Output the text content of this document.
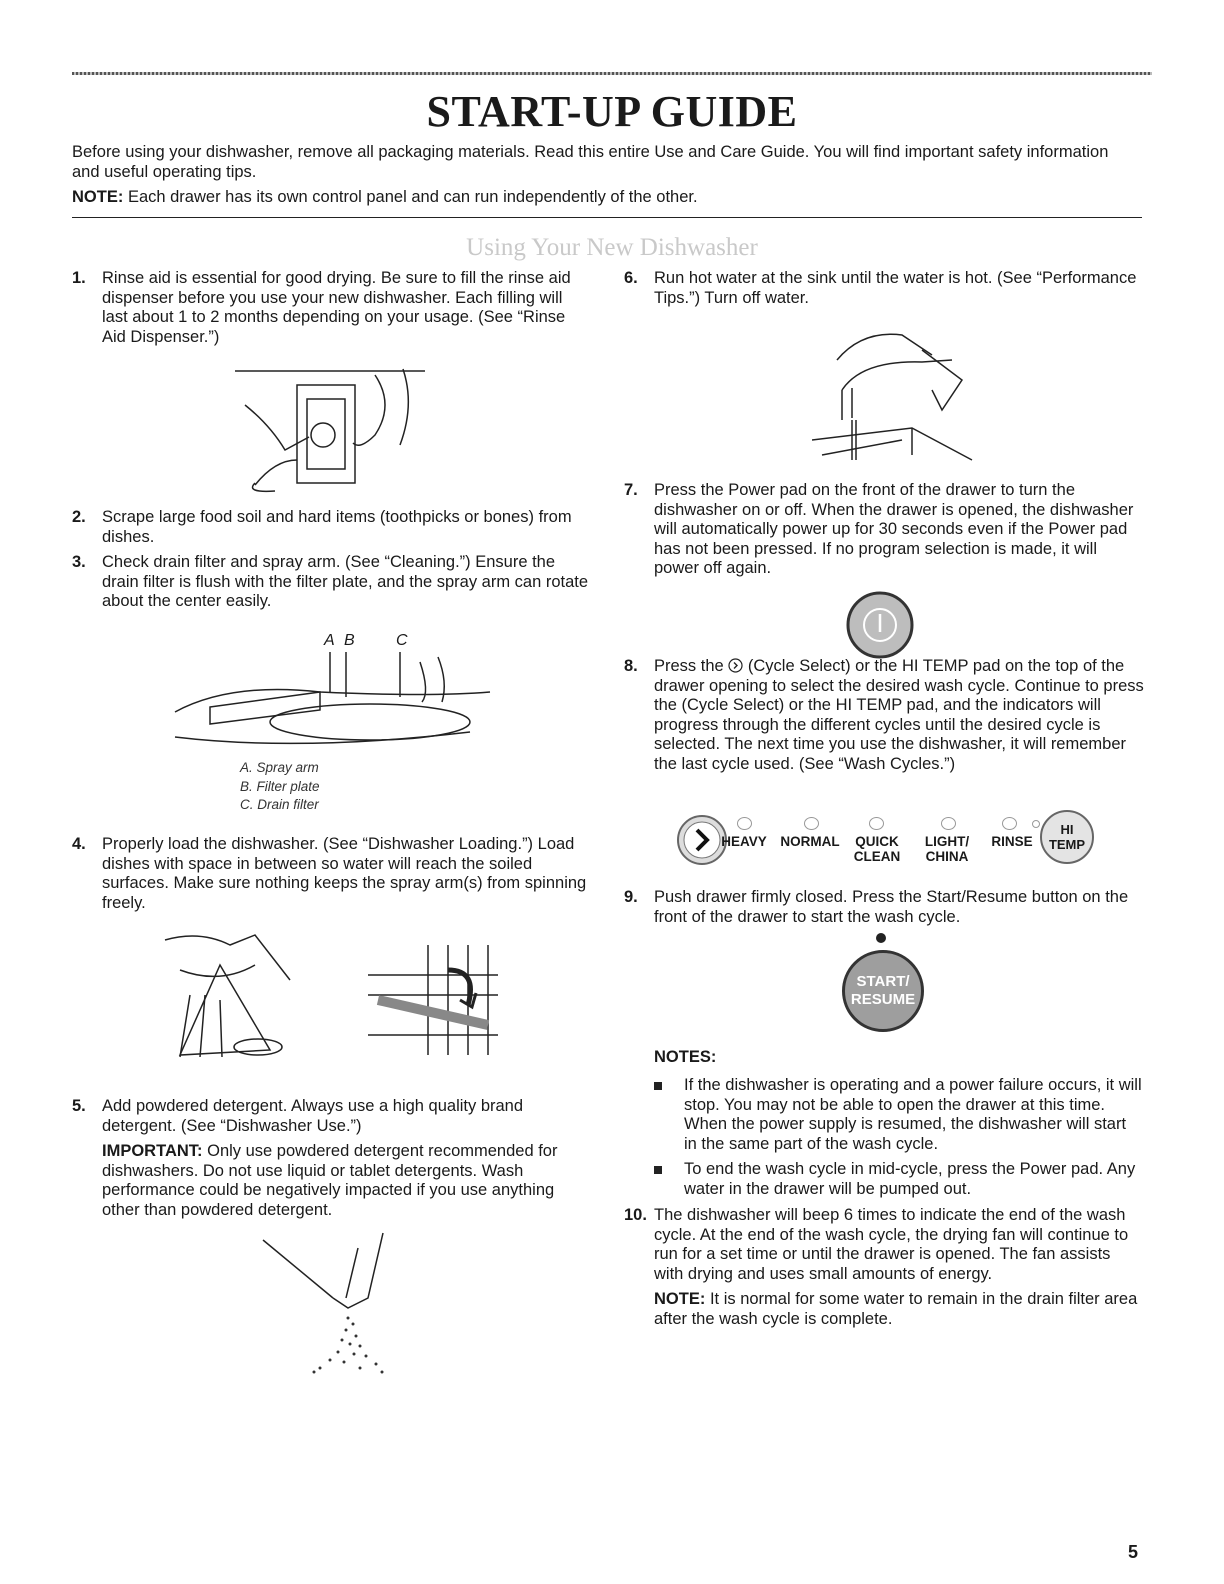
START-UP GUIDE
Before using your dishwasher, remove all packaging materials. Read this entire Use and Care Guide. You will find important safety information and useful operating tips.
NOTE: Each drawer has its own control panel and can run independently of the other.
Using Your New Dishwasher
1. Rinse aid is essential for good drying. Be sure to fill the rinse aid dispenser before you use your new dishwasher. Each filling will last about 1 to 2 months depending on your usage. (See “Rinse Aid Dispenser.”)
2. Scrape large food soil and hard items (toothpicks or bones) from dishes.
3. Check drain filter and spray arm. (See “Cleaning.”) Ensure the drain filter is flush with the filter plate, and the spray arm can rotate about the center easily.
A B	C
A. Spray arm
B. Filter plate
C. Drain filter
4. Properly load the dishwasher. (See “Dishwasher Loading.”) Load dishes with space in between so water will reach the soiled surfaces. Make sure nothing keeps the spray arm(s) from spinning freely.
5. Add powdered detergent. Always use a high quality brand detergent. (See “Dishwasher Use.”)
IMPORTANT: Only use powdered detergent recommended for dishwashers. Do not use liquid or tablet detergents. Wash performance could be negatively impacted if you use anything other than powdered detergent.
6. Run hot water at the sink until the water is hot. (See “Performance Tips.”) Turn off water.
7. Press the Power pad on the front of the drawer to turn the dishwasher on or off. When the drawer is opened, the dishwasher will automatically power up for 30 seconds even if the Power pad has not been pressed. If no program selection is made, it will power off again.
8. Press the (Cycle Select) or the HI TEMP pad on the top of the drawer opening to select the desired wash cycle. Continue to press the (Cycle Select) or the HI TEMP pad, and the indicators will progress through the different cycles until the desired cycle is selected. The next time you use the dishwasher, it will remember the last cycle used. (See “Wash Cycles.”)
HEAVY	NORMAL	QUICK
CLEAN
LIGHT/
CHINA
RINSE
HI
TEMP
9. Push drawer firmly closed. Press the Start/Resume button on the front of the drawer to start the wash cycle.
START/
RESUME
NOTES:
If the dishwasher is operating and a power failure occurs, it will stop. You may not be able to open the drawer at this time. When the power supply is resumed, the dishwasher will start in the same part of the wash cycle.
To end the wash cycle in mid-cycle, press the Power pad. Any water in the drawer will be pumped out.
10. The dishwasher will beep 6 times to indicate the end of the wash cycle. At the end of the wash cycle, the drying fan will continue to run for a set time or until the drawer is opened. The fan assists with drying and uses small amounts of energy.
NOTE: It is normal for some water to remain in the drain filter area after the wash cycle is complete.
5
